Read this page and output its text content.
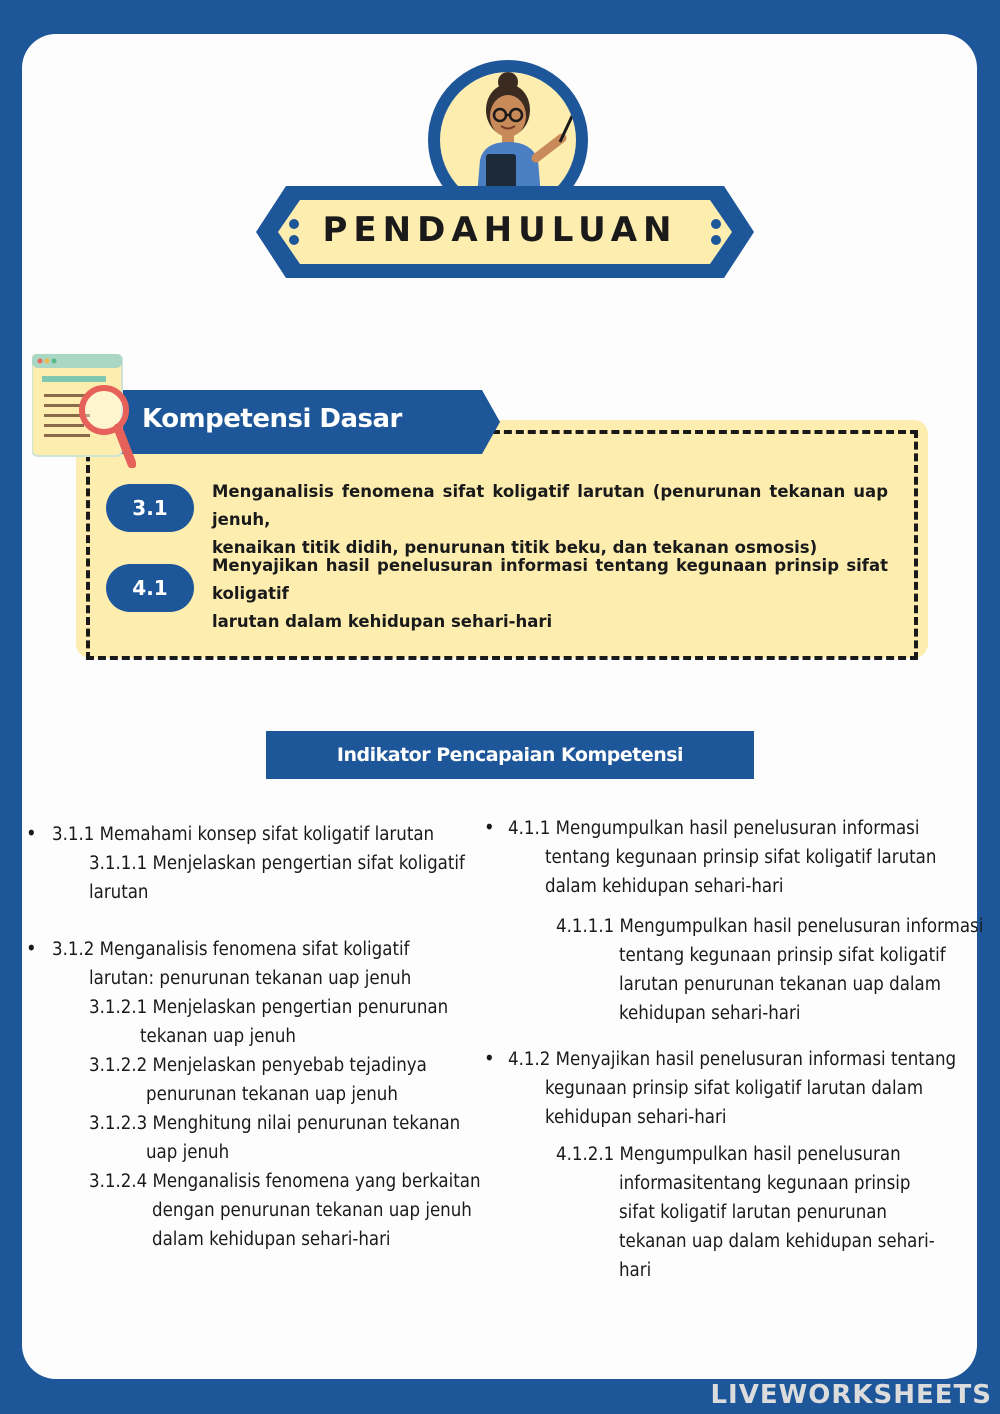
PENDAHULUAN
Kompetensi Dasar
3.1
Menganalisis fenomena sifat koligatif larutan (penurunan tekanan uap jenuh,
kenaikan titik didih, penurunan titik beku, dan tekanan osmosis)
4.1
Menyajikan hasil penelusuran informasi tentang kegunaan prinsip sifat koligatif
larutan dalam kehidupan sehari-hari
Indikator Pencapaian Kompetensi
• 3.1.1 Memahami konsep sifat koligatif larutan
3.1.1.1 Menjelaskan pengertian sifat koligatif
larutan
• 3.1.2 Menganalisis fenomena sifat koligatif
larutan: penurunan tekanan uap jenuh
3.1.2.1 Menjelaskan pengertian penurunan
tekanan uap jenuh
3.1.2.2 Menjelaskan penyebab tejadinya
penurunan tekanan uap jenuh
3.1.2.3 Menghitung nilai penurunan tekanan
uap jenuh
3.1.2.4 Menganalisis fenomena yang berkaitan
dengan penurunan tekanan uap jenuh
dalam kehidupan sehari-hari
• 4.1.1 Mengumpulkan hasil penelusuran informasi
tentang kegunaan prinsip sifat koligatif larutan
dalam kehidupan sehari-hari
4.1.1.1 Mengumpulkan hasil penelusuran informasi
tentang kegunaan prinsip sifat koligatif
larutan penurunan tekanan uap dalam
kehidupan sehari-hari
• 4.1.2 Menyajikan hasil penelusuran informasi tentang
kegunaan prinsip sifat koligatif larutan dalam
kehidupan sehari-hari
4.1.2.1 Mengumpulkan hasil penelusuran
informasitentang kegunaan prinsip
sifat koligatif larutan penurunan
tekanan uap dalam kehidupan sehari-
hari
LIVEWORKSHEETS
